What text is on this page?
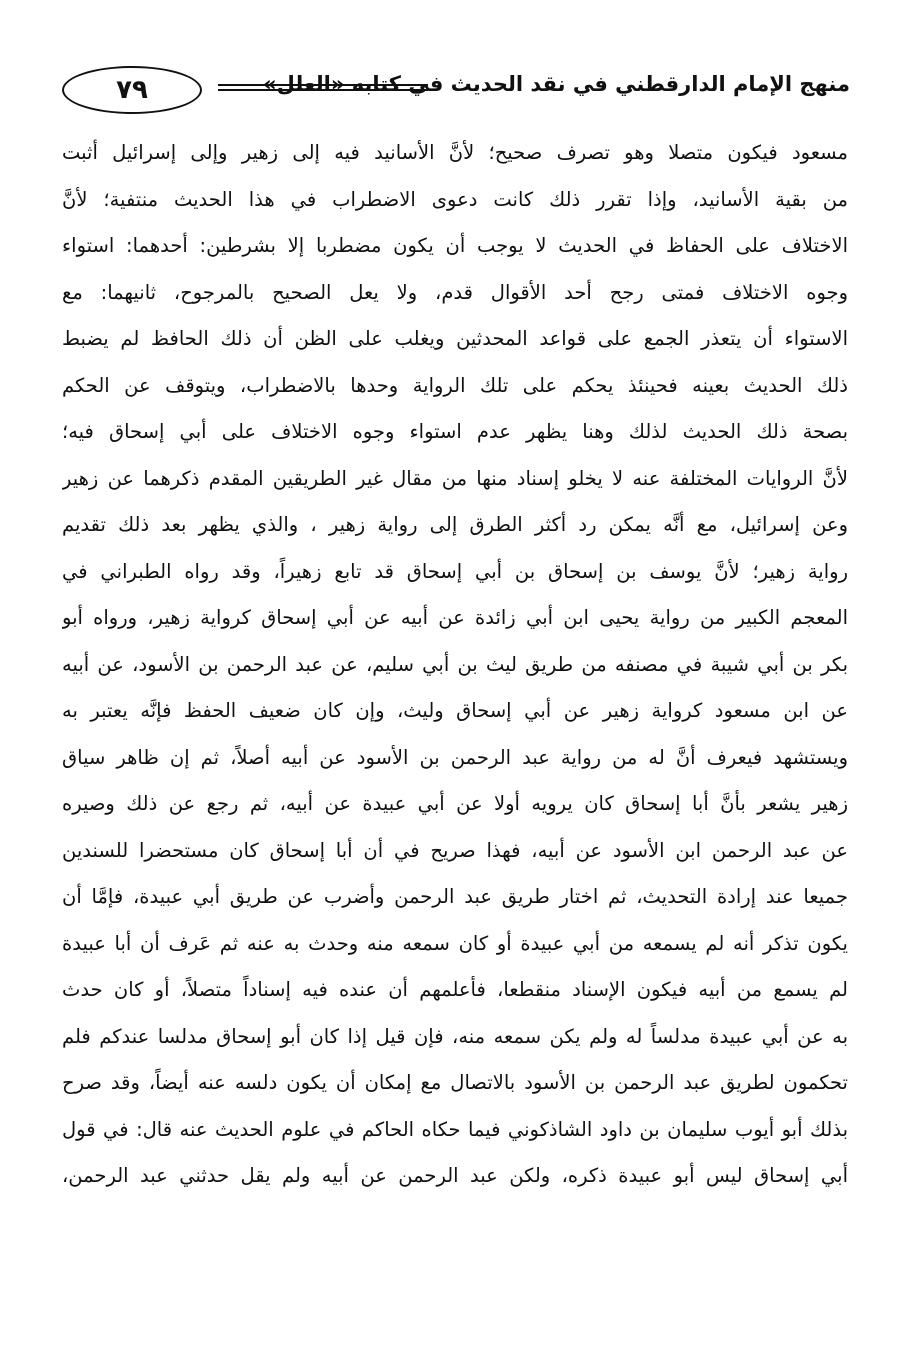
٧٩	منهج الإمام الدارقطني في نقد الحديث في كتابه «العلل»
مسعود فيكون متصلا وهو تصرف صحيح؛ لأنَّ الأسانيد فيه إلى زهير وإلى إسرائيل أثبت
من بقية الأسانيد، وإذا تقرر ذلك كانت دعوى الاضطراب في هذا الحديث منتفية؛ لأنَّ
الاختلاف على الحفاظ في الحديث لا يوجب أن يكون مضطربا إلا بشرطين: أحدهما: استواء
وجوه الاختلاف فمتى رجح أحد الأقوال قدم، ولا يعل الصحيح بالمرجوح، ثانيهما: مع
الاستواء أن يتعذر الجمع على قواعد المحدثين ويغلب على الظن أن ذلك الحافظ لم يضبط
ذلك الحديث بعينه فحينئذ يحكم على تلك الرواية وحدها بالاضطراب، ويتوقف عن الحكم
بصحة ذلك الحديث لذلك وهنا يظهر عدم استواء وجوه الاختلاف على أبي إسحاق فيه؛
لأنَّ الروايات المختلفة عنه لا يخلو إسناد منها من مقال غير الطريقين المقدم ذكرهما عن زهير
وعن إسرائيل، مع أنَّه يمكن رد أكثر الطرق إلى رواية زهير ، والذي يظهر بعد ذلك تقديم
رواية زهير؛ لأنَّ يوسف بن إسحاق بن أبي إسحاق قد تابع زهيراً، وقد رواه الطبراني في
المعجم الكبير من رواية يحيى ابن أبي زائدة عن أبيه عن أبي إسحاق كرواية زهير، ورواه أبو
بكر بن أبي شيبة في مصنفه من طريق ليث بن أبي سليم، عن عبد الرحمن بن الأسود، عن أبيه
عن ابن مسعود كرواية زهير عن أبي إسحاق وليث، وإن كان ضعيف الحفظ فإنَّه يعتبر به
ويستشهد فيعرف أنَّ له من رواية عبد الرحمن بن الأسود عن أبيه أصلاً، ثم إن ظاهر سياق
زهير يشعر بأنَّ أبا إسحاق كان يرويه أولا عن أبي عبيدة عن أبيه، ثم رجع عن ذلك وصيره
عن عبد الرحمن ابن الأسود عن أبيه، فهذا صريح في أن أبا إسحاق كان مستحضرا للسندين
جميعا عند إرادة التحديث، ثم اختار طريق عبد الرحمن وأضرب عن طريق أبي عبيدة، فإمَّا أن
يكون تذكر أنه لم يسمعه من أبي عبيدة أو كان سمعه منه وحدث به عنه ثم عَرف أن أبا عبيدة
لم يسمع من أبيه فيكون الإسناد منقطعا، فأعلمهم أن عنده فيه إسناداً متصلاً، أو كان حدث
به عن أبي عبيدة مدلساً له ولم يكن سمعه منه، فإن قيل إذا كان أبو إسحاق مدلسا عندكم فلم
تحكمون لطريق عبد الرحمن بن الأسود بالاتصال مع إمكان أن يكون دلسه عنه أيضاً، وقد صرح
بذلك أبو أيوب سليمان بن داود الشاذكوني فيما حكاه الحاكم في علوم الحديث عنه قال: في قول
أبي إسحاق ليس أبو عبيدة ذكره، ولكن عبد الرحمن عن أبيه ولم يقل حدثني عبد الرحمن،
